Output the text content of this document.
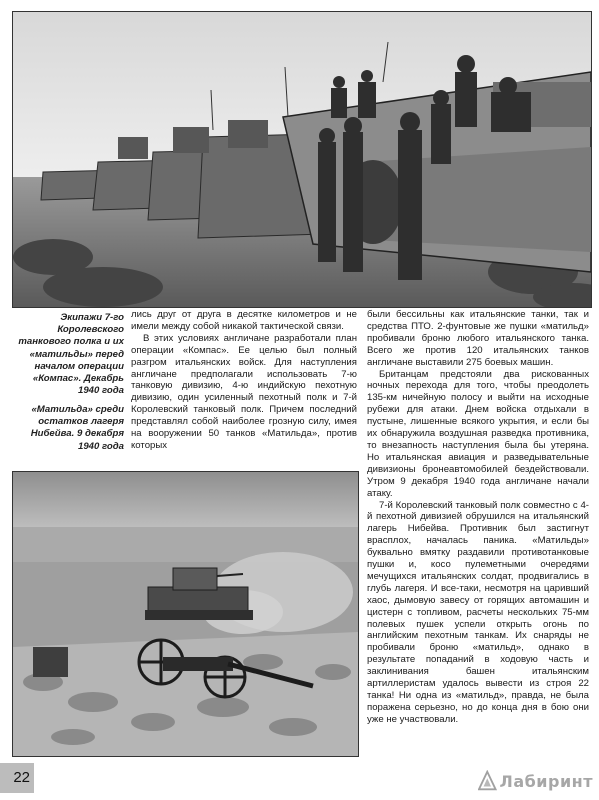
Экипажи 7-го Королевского танкового полка и их «матильды» перед началом операции «Компас». Декабрь 1940 года
«Матильда» среди остатков лагеря Нибейва. 9 декабря 1940 года

лись друг от друга в десятке километров и не имели между собой никакой тактической связи.

В этих условиях англичане разработали план операции «Компас». Ее целью был полный разгром итальянских войск. Для наступления англичане предполагали использовать 7-ю танковую дивизию, 4-ю индийскую пехотную дивизию, один усиленный пехотный полк и 7-й Королевский танковый полк. Причем последний представлял собой наиболее грозную силу, имея на вооружении 50 танков «Матильда», против которых

были бессильны как итальянские танки, так и средства ПТО. 2-фунтовые же пушки «матильд» пробивали броню любого итальянского танка. Всего же против 120 итальянских танков англичане выставили 275 боевых машин.

Британцам предстояли два рискованных ночных перехода для того, чтобы преодолеть 135-км ничейную полосу и выйти на исходные рубежи для атаки. Днем войска отдыхали в пустыне, лишенные всякого укрытия, и если бы их обнаружила воздушная разведка противника, то внезапность наступления была бы утеряна. Но итальянская авиация и разведывательные дивизионы бронеавтомобилей бездействовали. Утром 9 декабря 1940 года англичане начали атаку.

7-й Королевский танковый полк совместно с 4-й пехотной дивизией обрушился на итальянский лагерь Нибейва. Противник был застигнут врасплох, началась паника. «Матильды» буквально вмятку раздавили противотанковые пушки и, косо пулеметными очередями мечущихся итальянских солдат, продвигались в глубь лагеря. И все-таки, несмотря на царивший хаос, дымовую завесу от горящих автомашин и цистерн с топливом, расчеты нескольких 75-мм полевых пушек успели открыть огонь по английским пехотным танкам. Их снаряды не пробивали броню «матильд», однако в результате попаданий в ходовую часть и заклинивания башен итальянским артиллеристам удалось вывести из строя 22 танка! Ни одна из «матильд», правда, не была поражена серьезно, но до конца дня в бою они уже не участвовали.

22	Лабиринт
